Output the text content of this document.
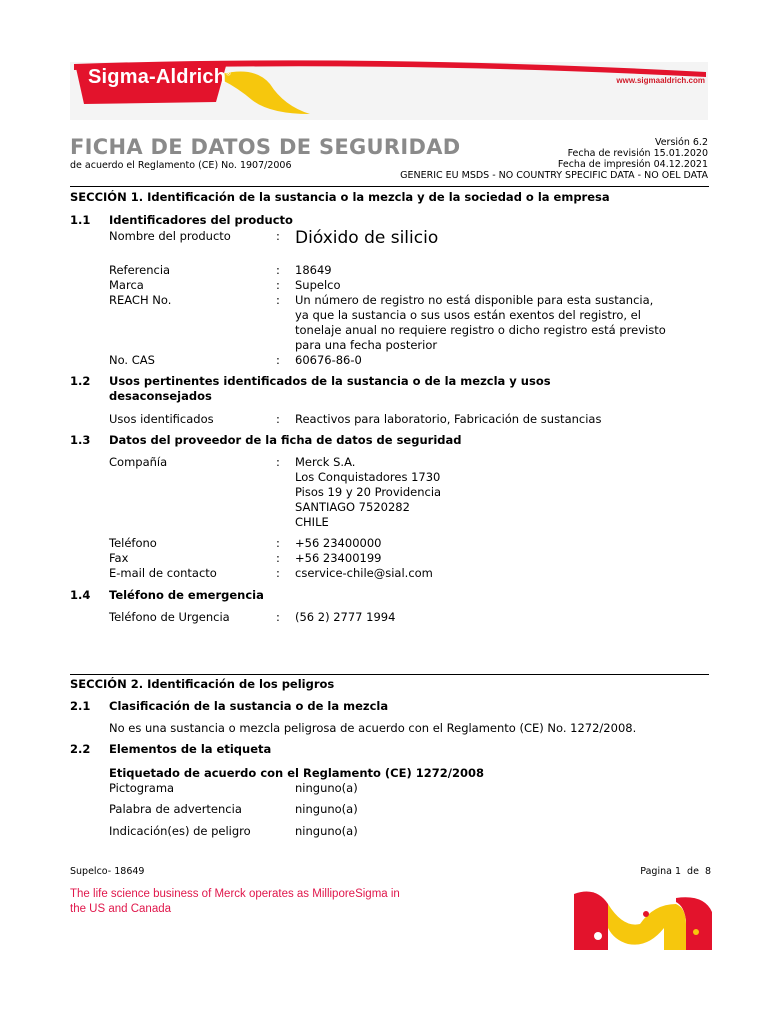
Sigma-Aldrich®
www.sigmaaldrich.com
FICHA DE DATOS DE SEGURIDAD
de acuerdo el Reglamento (CE) No. 1907/2006
Versión 6.2
Fecha de revisión 15.01.2020
Fecha de impresión 04.12.2021
GENERIC EU MSDS - NO COUNTRY SPECIFIC DATA - NO OEL DATA
SECCIÓN 1. Identificación de la sustancia o la mezcla y de la sociedad o la empresa
1.1 Identificadores del producto
Nombre del producto	: Dióxido de silicio
Referencia	: 18649
Marca	: Supelco
REACH No.	: Un número de registro no está disponible para esta sustancia,
ya que la sustancia o sus usos están exentos del registro, el
tonelaje anual no requiere registro o dicho registro está previsto
para una fecha posterior
No. CAS	: 60676-86-0
1.2 Usos pertinentes identificados de la sustancia o de la mezcla y usos
desaconsejados
Usos identificados	: Reactivos para laboratorio, Fabricación de sustancias
1.3 Datos del proveedor de la ficha de datos de seguridad
Compañía	: Merck S.A.
Los Conquistadores 1730
Pisos 19 y 20 Providencia
SANTIAGO 7520282
CHILE
Teléfono	: +56 23400000
Fax	: +56 23400199
E-mail de contacto	: cservice-chile@sial.com
1.4 Teléfono de emergencia
Teléfono de Urgencia	: (56 2) 2777 1994
SECCIÓN 2. Identificación de los peligros
2.1 Clasificación de la sustancia o de la mezcla
No es una sustancia o mezcla peligrosa de acuerdo con el Reglamento (CE) No. 1272/2008.
2.2 Elementos de la etiqueta
Etiquetado de acuerdo con el Reglamento (CE) 1272/2008
Pictograma	ninguno(a)
Palabra de advertencia	ninguno(a)
Indicación(es) de peligro	ninguno(a)
Supelco- 18649	Pagina 1  de  8
The life science business of Merck operates as MilliporeSigma in
the US and Canada
